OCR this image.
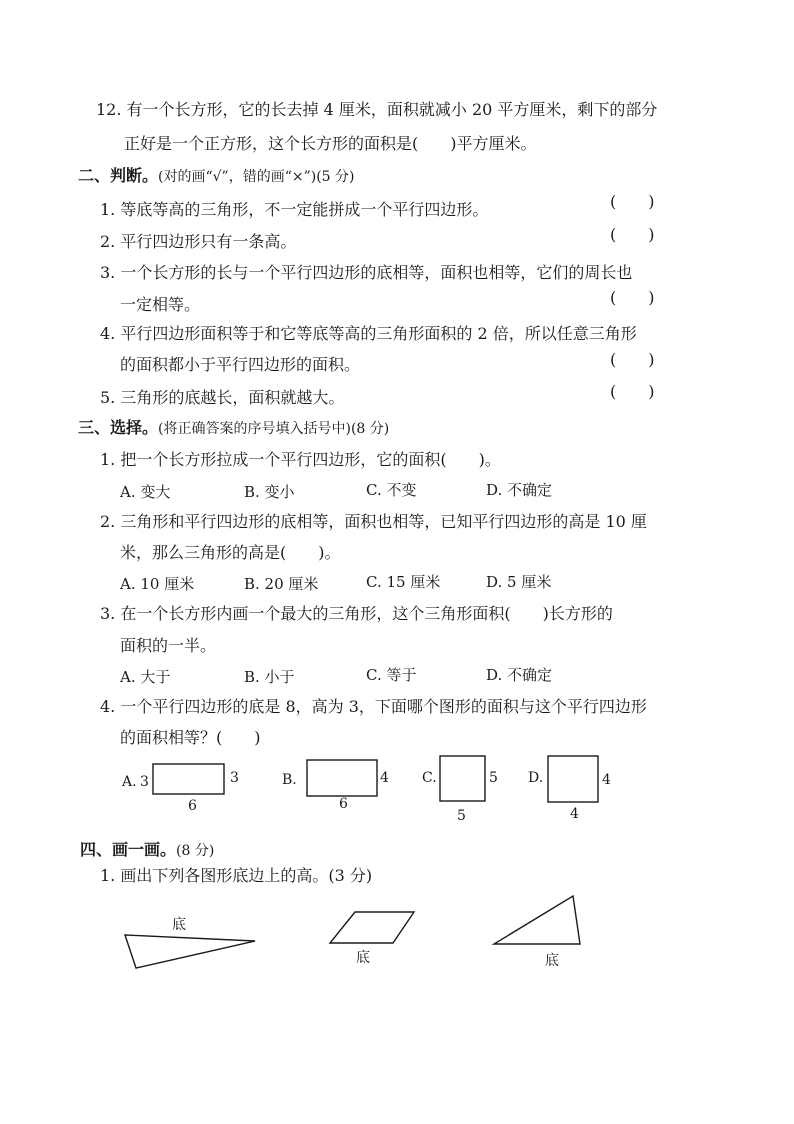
12. 有一个长方形，它的长去掉 4 厘米，面积就减小 20 平方厘米，剩下的部分
正好是一个正方形，这个长方形的面积是(　　)平方厘米。
二、判断。(对的画“√”，错的画“×”)(5 分)
1. 等底等高的三角形，不一定能拼成一个平行四边形。	(　　)
2. 平行四边形只有一条高。	(　　)
3. 一个长方形的长与一个平行四边形的底相等，面积也相等，它们的周长也
一定相等。	(　　)
4. 平行四边形面积等于和它等底等高的三角形面积的 2 倍，所以任意三角形
的面积都小于平行四边形的面积。	(　　)
5. 三角形的底越长，面积就越大。	(　　)
三、选择。(将正确答案的序号填入括号中)(8 分)
1. 把一个长方形拉成一个平行四边形，它的面积(　　)。
A. 变大	B. 变小	C. 不变	D. 不确定
2. 三角形和平行四边形的底相等，面积也相等，已知平行四边形的高是 10 厘
米，那么三角形的高是(　　)。
A. 10 厘米	B. 20 厘米	C. 15 厘米	D. 5 厘米
3. 在一个长方形内画一个最大的三角形，这个三角形面积(　　)长方形的
面积的一半。
A. 大于	B. 小于	C. 等于	D. 不确定
4. 一个平行四边形的底是 8，高为 3，下面哪个图形的面积与这个平行四边形
的面积相等？(　　)
A. 3	3
6
B.	4
6
C.	5
5
D.	4
4
四、画一画。(8 分)
1. 画出下列各图形底边上的高。(3 分)
底
底	底
